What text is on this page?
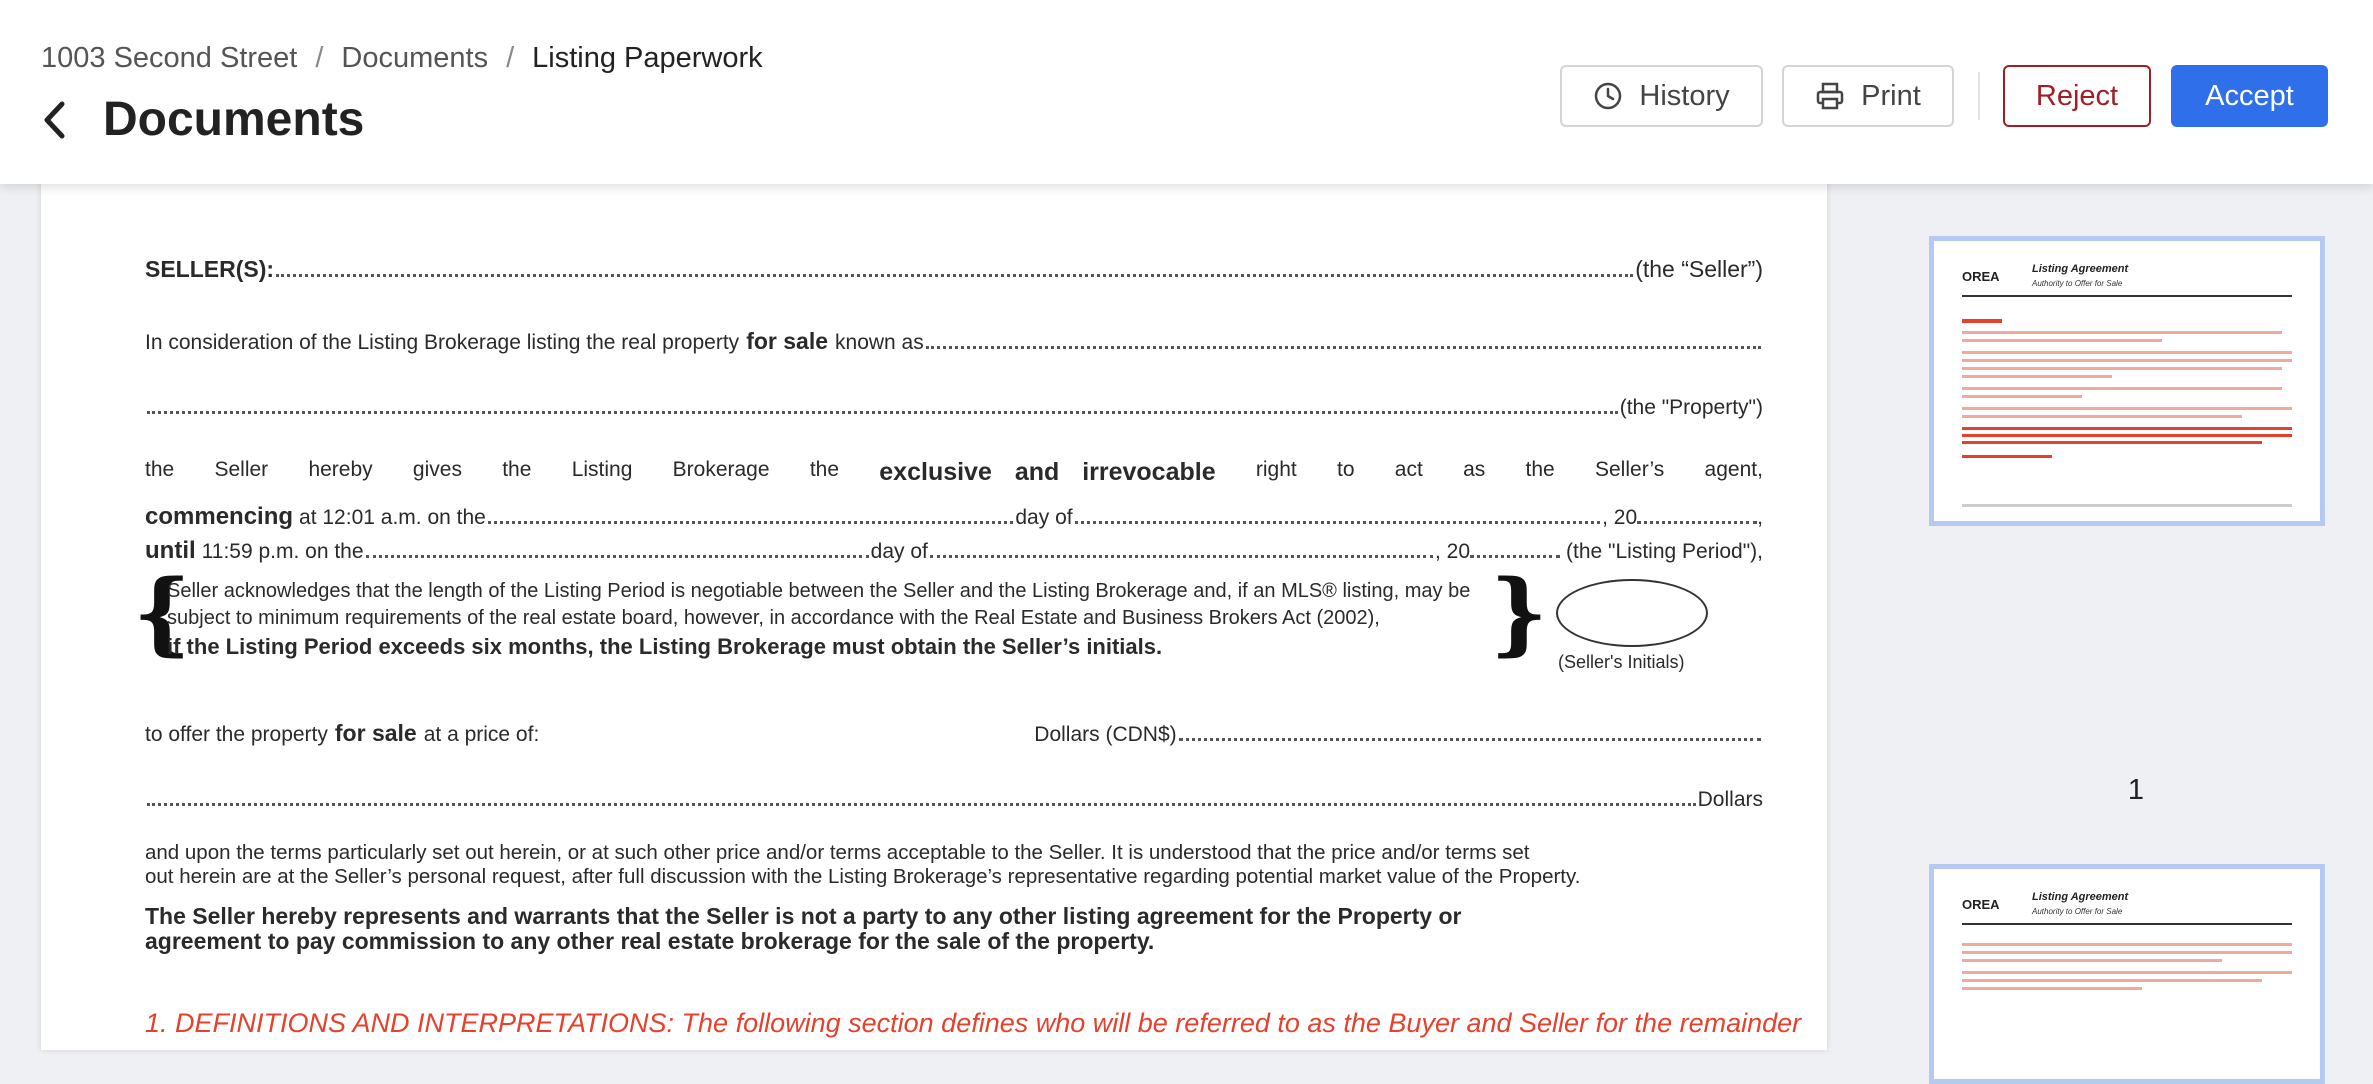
1003 Second Street / Documents / Listing Paperwork
Documents	History	Print	Reject	Accept
SELLER(S):	(the “Seller”)
In consideration of the Listing Brokerage listing the real property for sale known as
(the "Property")
the Seller hereby gives the Listing Brokerage the exclusive and irrevocable right to act as the Seller’s agent,
commencing at 12:01 a.m. on the	day of	, 20	,
until 11:59 p.m. on the	day of	, 20	(the "Listing Period"),
{
Seller acknowledges that the length of the Listing Period is negotiable between the Seller and the Listing Brokerage and, if an MLS® listing, may be
subject to minimum requirements of the real estate board, however, in accordance with the Real Estate and Business Brokers Act (2002),
if the Listing Period exceeds six months, the Listing Brokerage must obtain the Seller’s initials.	} (Seller's Initials)
to offer the property for sale at a price of:	Dollars (CDN$)
Dollars
and upon the terms particularly set out herein, or at such other price and/or terms acceptable to the Seller. It is understood that the price and/or terms set
out herein are at the Seller’s personal request, after full discussion with the Listing Brokerage’s representative regarding potential market value of the Property.
The Seller hereby represents and warrants that the Seller is not a party to any other listing agreement for the Property or
agreement to pay commission to any other real estate brokerage for the sale of the property.
1. DEFINITIONS AND INTERPRETATIONS: The following section defines who will be referred to as the Buyer and Seller for the remainder
OREA	Listing Agreement
Authority to Offer for Sale
1
OREA	Listing Agreement
Authority to Offer for Sale
